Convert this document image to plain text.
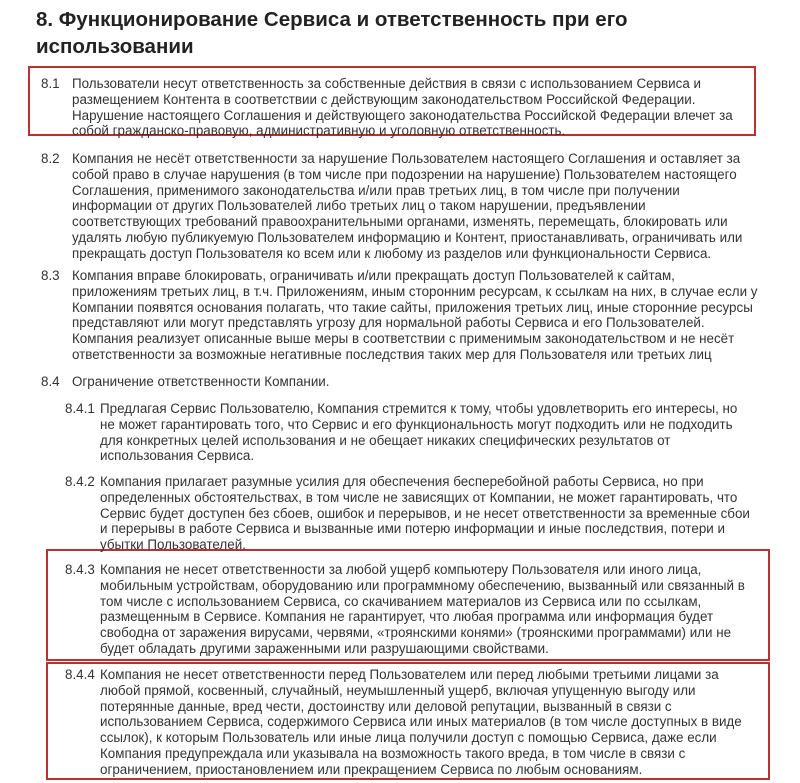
8. Функционирование Сервиса и ответственность при его
использовании
8.1 Пользователи несут ответственность за собственные действия в связи с использованием Сервиса и
размещением Контента в соответствии с действующим законодательством Российской Федерации.
Нарушение настоящего Соглашения и действующего законодательства Российской Федерации влечет за
собой гражданско-правовую, административную и уголовную ответственность.
8.2 Компания не несёт ответственности за нарушение Пользователем настоящего Соглашения и оставляет за
собой право в случае нарушения (в том числе при подозрении на нарушение) Пользователем настоящего
Соглашения, применимого законодательства и/или прав третьих лиц, в том числе при получении
информации от других Пользователей либо третьих лиц о таком нарушении, предъявлении
соответствующих требований правоохранительными органами, изменять, перемещать, блокировать или
удалять любую публикуемую Пользователем информацию и Контент, приостанавливать, ограничивать или
прекращать доступ Пользователя ко всем или к любому из разделов или функциональности Сервиса.
8.3 Компания вправе блокировать, ограничивать и/или прекращать доступ Пользователей к сайтам,
приложениям третьих лиц, в т.ч. Приложениям, иным сторонним ресурсам, к ссылкам на них, в случае если у
Компании появятся основания полагать, что такие сайты, приложения третьих лиц, иные сторонние ресурсы
представляют или могут представлять угрозу для нормальной работы Сервиса и его Пользователей.
Компания реализует описанные выше меры в соответствии с применимым законодательством и не несёт
ответственности за возможные негативные последствия таких мер для Пользователя или третьих лиц
8.4 Ограничение ответственности Компании.
8.4.1 Предлагая Сервис Пользователю, Компания стремится к тому, чтобы удовлетворить его интересы, но
не может гарантировать того, что Сервис и его функциональность могут подходить или не подходить
для конкретных целей использования и не обещает никаких специфических результатов от
использования Сервиса.
8.4.2 Компания прилагает разумные усилия для обеспечения бесперебойной работы Сервиса, но при
определенных обстоятельствах, в том числе не зависящих от Компании, не может гарантировать, что
Сервис будет доступен без сбоев, ошибок и перерывов, и не несет ответственности за временные сбои
и перерывы в работе Сервиса и вызванные ими потерю информации и иные последствия, потери и
убытки Пользователей.
8.4.3 Компания не несет ответственности за любой ущерб компьютеру Пользователя или иного лица,
мобильным устройствам, оборудованию или программному обеспечению, вызванный или связанный в
том числе с использованием Сервиса, со скачиванием материалов из Сервиса или по ссылкам,
размещенным в Сервисе. Компания не гарантирует, что любая программа или информация будет
свободна от заражения вирусами, червями, «троянскими конями» (троянскими программами) или не
будет обладать другими зараженными или разрушающими свойствами.
8.4.4 Компания не несет ответственности перед Пользователем или перед любыми третьими лицами за
любой прямой, косвенный, случайный, неумышленный ущерб, включая упущенную выгоду или
потерянные данные, вред чести, достоинству или деловой репутации, вызванный в связи с
использованием Сервиса, содержимого Сервиса или иных материалов (в том числе доступных в виде
ссылок), к которым Пользователь или иные лица получили доступ с помощью Сервиса, даже если
Компания предупреждала или указывала на возможность такого вреда, в том числе в связи с
ограничением, приостановлением или прекращением Сервиса по любым основаниям.
